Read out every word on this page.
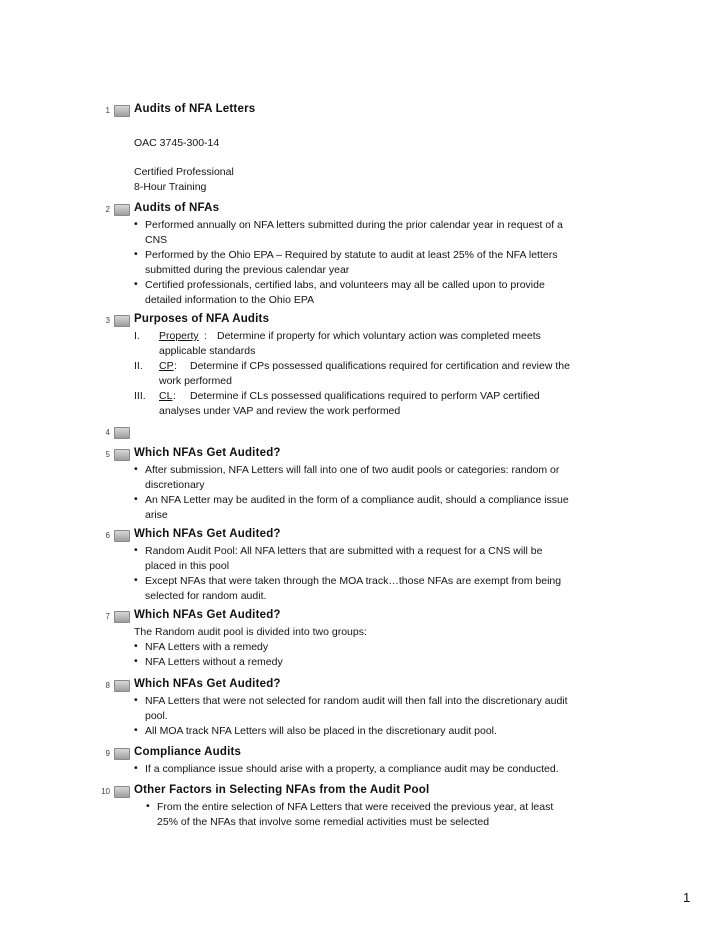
1 Audits of NFA Letters
OAC 3745-300-14
Certified Professional
8-Hour Training
2 Audits of NFAs
• Performed annually on NFA letters submitted during the prior calendar year in request of a
CNS
• Performed by the Ohio EPA – Required by statute to audit at least 25% of the NFA letters
submitted during the previous calendar year
• Certified professionals, certified labs, and volunteers may all be called upon to provide
detailed information to the Ohio EPA
3 Purposes of NFA Audits
I. Property : Determine if property for which voluntary action was completed meets
applicable standards
II. CP : Determine if CPs possessed qualifications required for certification and review the
work performed
III. CL : Determine if CLs possessed qualifications required to perform VAP certified
analyses under VAP and review the work performed
4
5 Which NFAs Get Audited?
• After submission, NFA Letters will fall into one of two audit pools or categories: random or
discretionary
• An NFA Letter may be audited in the form of a compliance audit, should a compliance issue
arise
6 Which NFAs Get Audited?
• Random Audit Pool: All NFA letters that are submitted with a request for a CNS will be
placed in this pool
• Except NFAs that were taken through the MOA track…those NFAs are exempt from being
selected for random audit.
7 Which NFAs Get Audited?
The Random audit pool is divided into two groups:
• NFA Letters with a remedy
• NFA Letters without a remedy
8 Which NFAs Get Audited?
• NFA Letters that were not selected for random audit will then fall into the discretionary audit
pool.
• All MOA track NFA Letters will also be placed in the discretionary audit pool.
9 Compliance Audits
• If a compliance issue should arise with a property, a compliance audit may be conducted.
10 Other Factors in Selecting NFAs from the Audit Pool
• From the entire selection of NFA Letters that were received the previous year, at least
25% of the NFAs that involve some remedial activities must be selected
1
